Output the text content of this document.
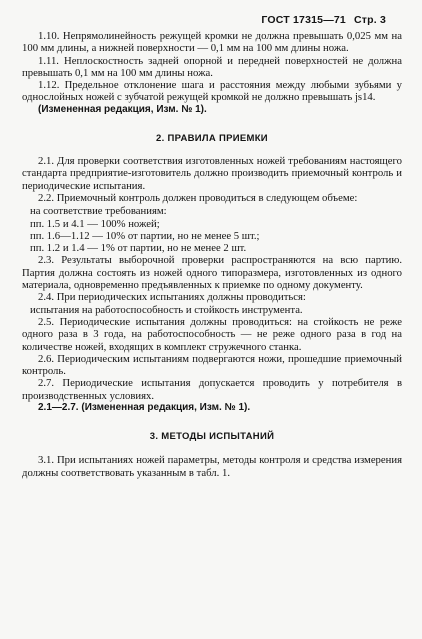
ГОСТ 17315—71 Стр. 3

1.10. Непрямолинейность режущей кромки не должна превышать 0,025 мм на 100 мм длины, а нижней поверхности — 0,1 мм на 100 мм длины ножа.

1.11. Неплоскостность задней опорной и передней поверхностей не должна превышать 0,1 мм на 100 мм длины ножа.

1.12. Предельное отклонение шага и расстояния между любыми зубьями у однослойных ножей с зубчатой режущей кромкой не должно превышать js14.

(Измененная редакция, Изм. № 1).

2. ПРАВИЛА ПРИЕМКИ

2.1. Для проверки соответствия изготовленных ножей требованиям настоящего стандарта предприятие-изготовитель должно производить приемочный контроль и периодические испытания.

2.2. Приемочный контроль должен проводиться в следующем объеме:

на соответствие требованиям:

пп. 1.5 и 4.1 — 100% ножей;

пп. 1.6—1.12 — 10% от партии, но не менее 5 шт.;

пп. 1.2 и 1.4 — 1% от партии, но не менее 2 шт.

2.3. Результаты выборочной проверки распространяются на всю партию. Партия должна состоять из ножей одного типоразмера, изготовленных из одного материала, одновременно предъявленных к приемке по одному документу.

2.4. При периодических испытаниях должны проводиться:

испытания на работоспособность и стойкость инструмента.

2.5. Периодические испытания должны проводиться: на стойкость не реже одного раза в 3 года, на работоспособность — не реже одного раза в год на количестве ножей, входящих в комплект стружечного станка.

2.6. Периодическим испытаниям подвергаются ножи, прошедшие приемочный контроль.

2.7. Периодические испытания допускается проводить у потребителя в производственных условиях.

2.1—2.7. (Измененная редакция, Изм. № 1).

3. МЕТОДЫ ИСПЫТАНИЙ

3.1. При испытаниях ножей параметры, методы контроля и средства измерения должны соответствовать указанным в табл. 1.
